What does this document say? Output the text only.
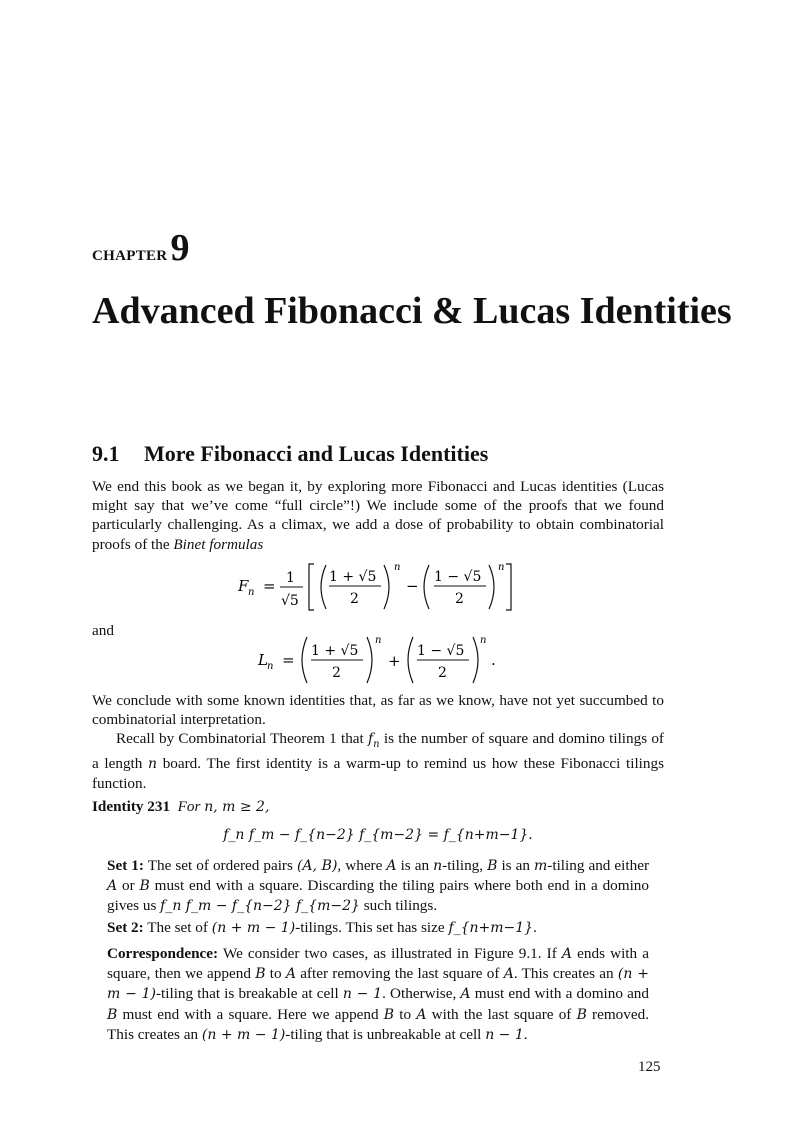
CHAPTER9
Advanced Fibonacci & Lucas Identities
9.1 More Fibonacci and Lucas Identities
We end this book as we began it, by exploring more Fibonacci and Lucas identities (Lucas might say that we’ve come “full circle”!) We include some of the proofs that we found particularly challenging. As a climax, we add a dose of probability to obtain combinatorial proofs of the Binet formulas
F n = 1
√5
1 + √5
2
n
− 1 − √5
2
n
and
L n = 1 + √5
2
n
+
1 − √5
2
n
.
We conclude with some known identities that, as far as we know, have not yet succumbed to combinatorial interpretation.
Recall by Combinatorial Theorem 1 that $f_n$ is the number of square and domino tilings of a length n board. The first identity is a warm-up to remind us how these Fibonacci tilings function.
Identity 231 For n, m ≥ 2,
f_n f_m − f_{n−2} f_{m−2} = f_{n+m−1}.
Set 1: The set of ordered pairs (A, B), where A is an n-tiling, B is an m-tiling and either A or B must end with a square. Discarding the tiling pairs where both end in a domino gives us f_n f_m − f_{n−2} f_{m−2} such tilings.
Set 2: The set of (n + m − 1)-tilings. This set has size f_{n+m−1}.
Correspondence: We consider two cases, as illustrated in Figure 9.1. If A ends with a square, then we append B to A after removing the last square of A. This creates an (n + m − 1)-tiling that is breakable at cell n − 1. Otherwise, A must end with a domino and B must end with a square. Here we append B to A with the last square of B removed. This creates an (n + m − 1)-tiling that is unbreakable at cell n − 1.
125
